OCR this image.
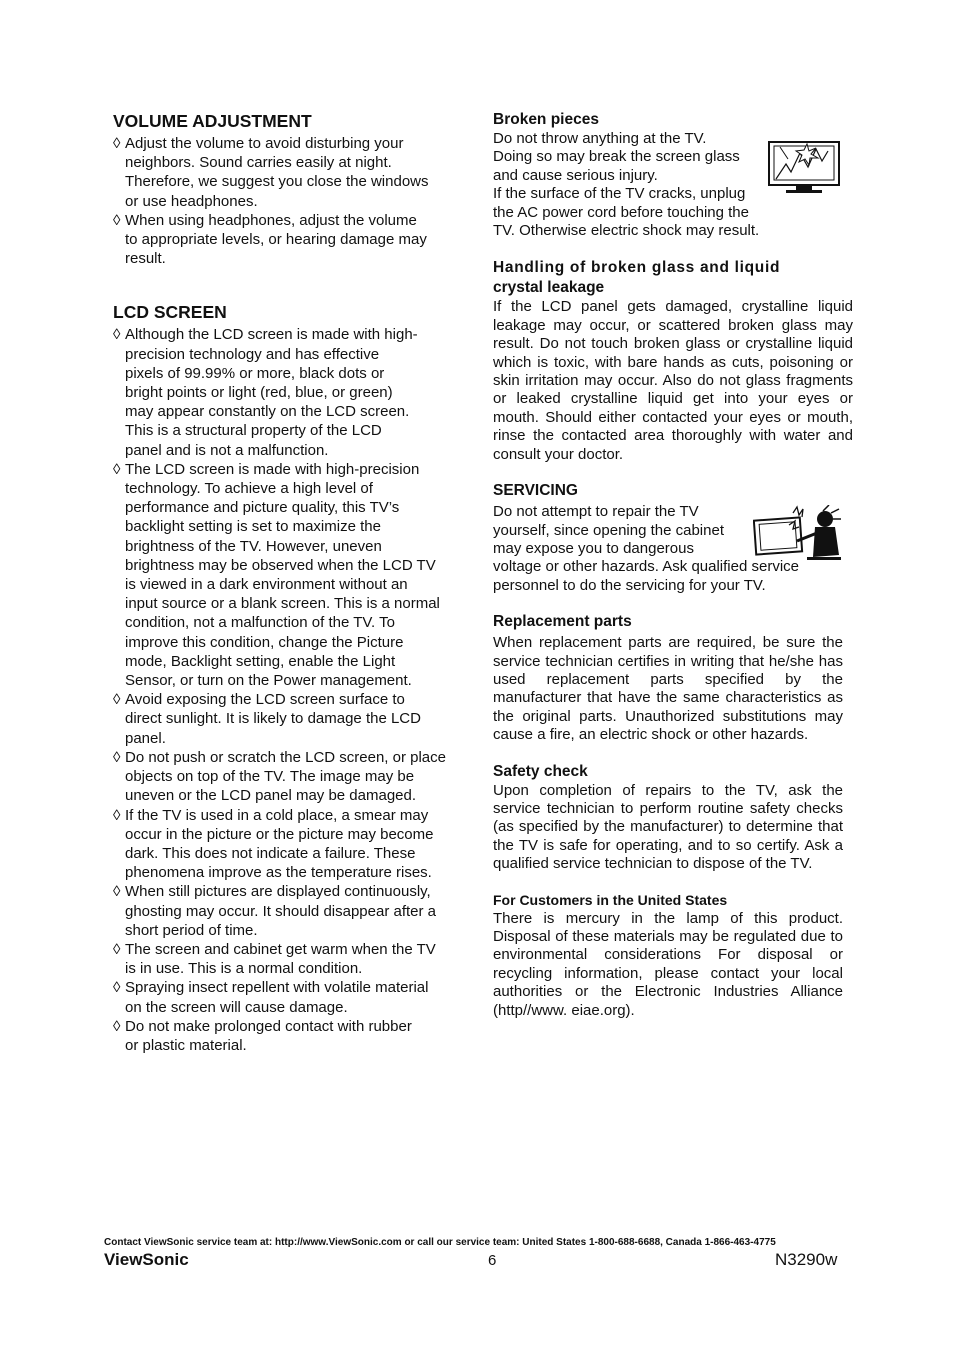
VOLUME ADJUSTMENT
◊ Adjust the volume to avoid disturbing your
neighbors. Sound carries easily at night.
Therefore, we suggest you close the windows
or use headphones.
◊ When using headphones, adjust the volume
to appropriate levels, or hearing damage may
result.
LCD SCREEN
◊ Although the LCD screen is made with high-
precision technology and has effective
pixels of 99.99% or more, black dots or
bright points or light (red, blue, or green)
may appear constantly on the LCD screen.
This is a structural property of the LCD
panel and is not a malfunction.
◊ The LCD screen is made with high-precision
technology. To achieve a high level of
performance and picture quality, this TV’s
backlight setting is set to maximize the
brightness of the TV. However, uneven
brightness may be observed when the LCD TV
is viewed in a dark environment without an
input source or a blank screen. This is a normal
condition, not a malfunction of the TV. To
improve this condition, change the Picture
mode, Backlight setting, enable the Light
Sensor, or turn on the Power management.
◊ Avoid exposing the LCD screen surface to
direct sunlight. It is likely to damage the LCD
panel.
◊ Do not push or scratch the LCD screen, or place
objects on top of the TV. The image may be
uneven or the LCD panel may be damaged.
◊ If the TV is used in a cold place, a smear may
occur in the picture or the picture may become
dark. This does not indicate a failure. These
phenomena improve as the temperature rises.
◊ When still pictures are displayed continuously,
ghosting may occur. It should disappear after a
short period of time.
◊ The screen and cabinet get warm when the TV
is in use. This is a normal condition.
◊ Spraying insect repellent with volatile material
on the screen will cause damage.
◊ Do not make prolonged contact with rubber
or plastic material.
Broken pieces
Do not throw anything at the TV.
Doing so may break the screen glass
and cause serious injury.
If the surface of the TV cracks, unplug
the AC power cord before touching the
TV. Otherwise electric shock may result.
Handling of broken glass and liquid
crystal leakage
If the LCD panel gets damaged, crystalline liquid leakage may occur, or scattered broken glass may result. Do not touch broken glass or crystalline liquid which is toxic, with bare hands as cuts, poisoning or skin irritation may occur. Also do not glass fragments or leaked crystalline liquid get into your eyes or mouth. Should either contacted your eyes or mouth, rinse the contacted area thoroughly with water and consult your doctor.
SERVICING
Do not attempt to repair the TV
yourself, since opening the cabinet
may expose you to dangerous
voltage or other hazards. Ask qualified service
personnel to do the servicing for your TV.
Replacement parts
When replacement parts are required, be sure the service technician certifies in writing that he/she has used replacement parts specified by the manufacturer that have the same characteristics as the original parts. Unauthorized substitutions may cause a fire, an electric shock or other hazards.
Safety check
Upon completion of repairs to the TV, ask the service technician to perform routine safety checks (as specified by the manufacturer) to determine that the TV is safe for operating, and to so certify. Ask a qualified service technician to dispose of the TV.
For Customers in the United States
There is mercury in the lamp of this product. Disposal of these materials may be regulated due to environmental considerations For disposal or recycling information, please contact your local authorities or the Electronic Industries Alliance (http//www. eiae.org).
Contact ViewSonic service team at: http://www.ViewSonic.com or call our service team: United States 1-800-688-6688, Canada 1-866-463-4775
ViewSonic	6	N3290w
